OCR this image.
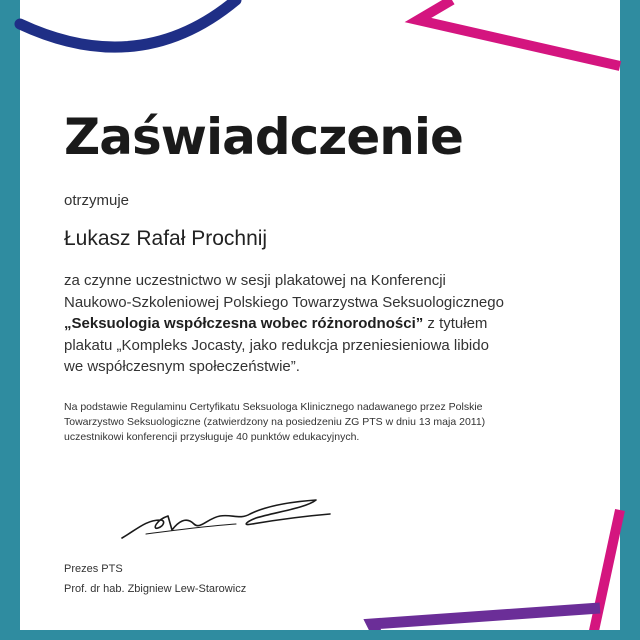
Zaświadczenie
otrzymuje
Łukasz Rafał Prochnij
za czynne uczestnictwo w sesji plakatowej na Konferencji
Naukowo-Szkoleniowej Polskiego Towarzystwa Seksuologicznego
„Seksuologia współczesna wobec różnorodności” z tytułem
plakatu „Kompleks Jocasty, jako redukcja przeniesieniowa libido
we współczesnym społeczeństwie”.
Na podstawie Regulaminu Certyfikatu Seksuologa Klinicznego nadawanego przez Polskie
Towarzystwo Seksuologiczne (zatwierdzony na posiedzeniu ZG PTS w dniu 13 maja 2011)
uczestnikowi konferencji przysługuje 40 punktów edukacyjnych.
Prezes PTS
Prof. dr hab. Zbigniew Lew-Starowicz
